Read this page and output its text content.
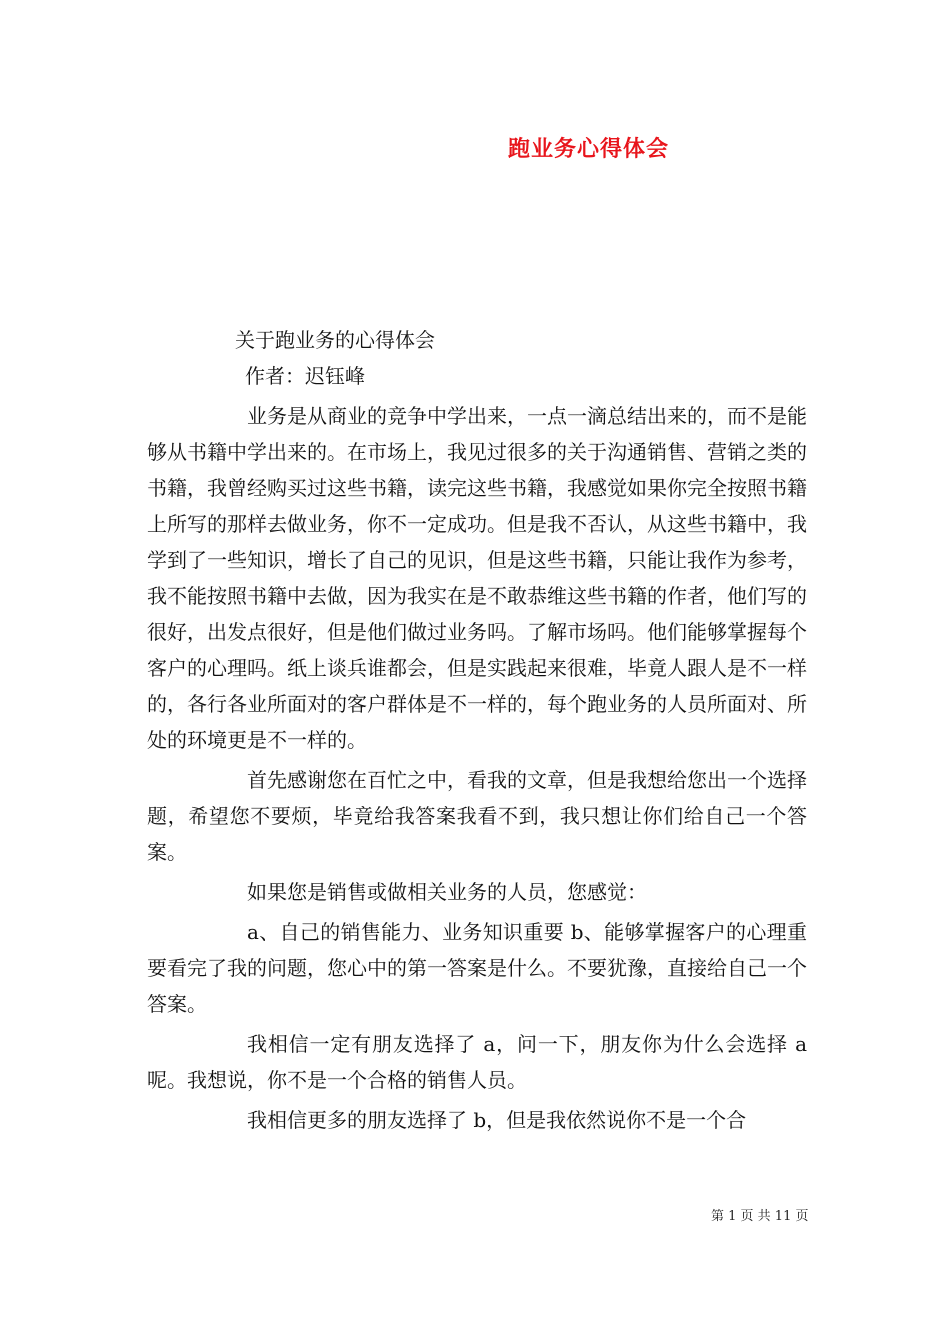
跑业务心得体会

关于跑业务的心得体会

作者：迟钰峰

业务是从商业的竞争中学出来，一点一滴总结出来的，而不是能够从书籍中学出来的。在市场上，我见过很多的关于沟通销售、营销之类的书籍，我曾经购买过这些书籍，读完这些书籍，我感觉如果你完全按照书籍上所写的那样去做业务，你不一定成功。但是我不否认，从这些书籍中，我学到了一些知识，增长了自己的见识，但是这些书籍，只能让我作为参考，我不能按照书籍中去做，因为我实在是不敢恭维这些书籍的作者，他们写的很好，出发点很好，但是他们做过业务吗。了解市场吗。他们能够掌握每个客户的心理吗。纸上谈兵谁都会，但是实践起来很难，毕竟人跟人是不一样的，各行各业所面对的客户群体是不一样的，每个跑业务的人员所面对、所处的环境更是不一样的。

首先感谢您在百忙之中，看我的文章，但是我想给您出一个选择题，希望您不要烦，毕竟给我答案我看不到，我只想让你们给自己一个答案。

如果您是销售或做相关业务的人员，您感觉：

a、自己的销售能力、业务知识重要 b、能够掌握客户的心理重要看完了我的问题，您心中的第一答案是什么。不要犹豫，直接给自己一个答案。

我相信一定有朋友选择了 a，问一下，朋友你为什么会选择 a 呢。我想说，你不是一个合格的销售人员。

我相信更多的朋友选择了 b，但是我依然说你不是一个合

第 1 页 共 11 页
